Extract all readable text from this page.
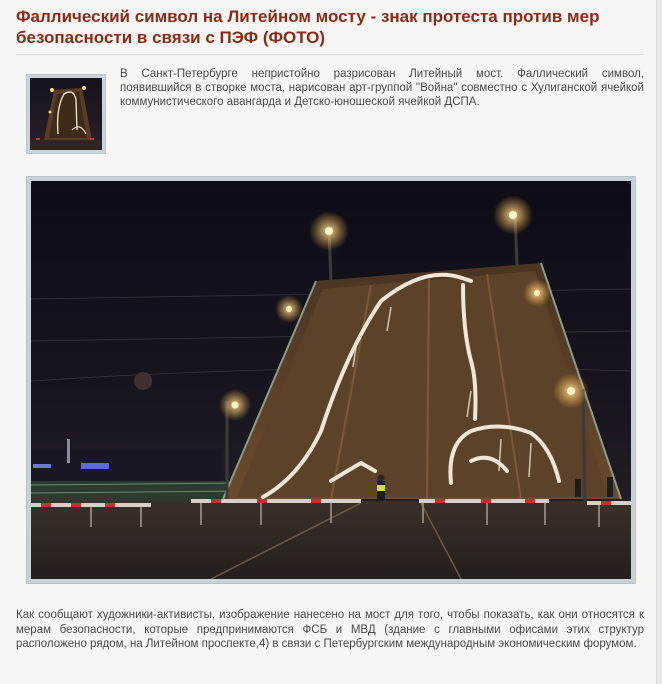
Фаллический символ на Литейном мосту - знак протеста против мер безопасности в связи с ПЭФ (ФОТО)

В Санкт-Петербурге непристойно разрисован Литейный мост. Фаллический символ, появившийся в створке моста, нарисован арт-группой "Война" совместно с Хулиганской ячейкой коммунистического авангарда и Детско-юношеской ячейкой ДСПА.

Как сообщают художники-активисты, изображение нанесено на мост для того, чтобы показать, как они относятся к мерам безопасности, которые предпринимаются ФСБ и МВД (здание с главными офисами этих структур расположено рядом, на Литейном проспекте,4) в связи с Петербургским международным экономическим форумом.
